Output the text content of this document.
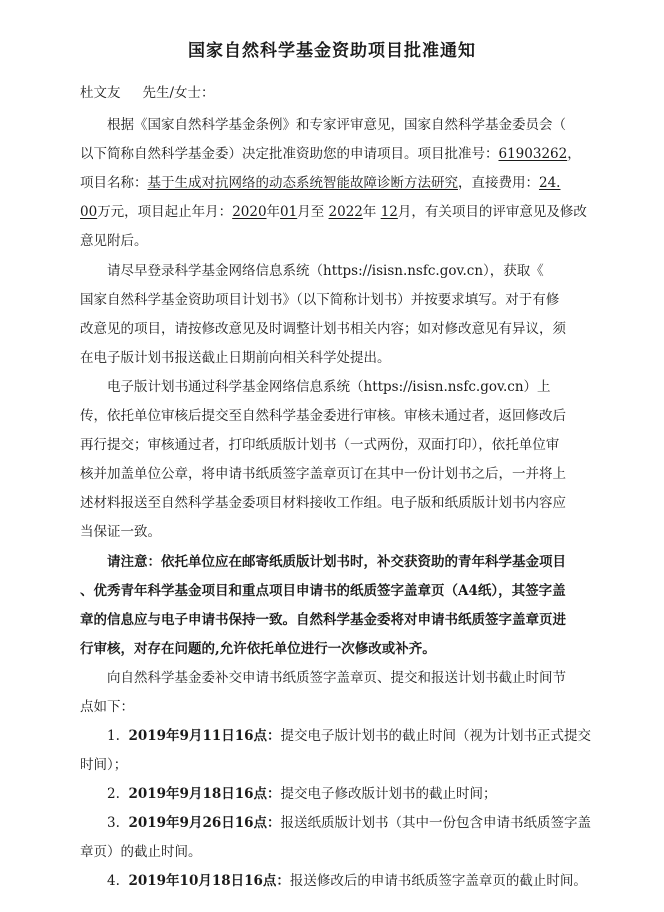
国家自然科学基金资助项目批准通知
杜文友 先生/女士：
根据《国家自然科学基金条例》和专家评审意见，国家自然科学基金委员会（
以下简称自然科学基金委）决定批准资助您的申请项目。项目批准号：61903262，
项目名称：基于生成对抗网络的动态系统智能故障诊断方法研究，直接费用：24.
00万元，项目起止年月：2020年01月至 2022年 12月，有关项目的评审意见及修改
意见附后。
请尽早登录科学基金网络信息系统（https://isisn.nsfc.gov.cn），获取《
国家自然科学基金资助项目计划书》（以下简称计划书）并按要求填写。对于有修
改意见的项目，请按修改意见及时调整计划书相关内容；如对修改意见有异议，须
在电子版计划书报送截止日期前向相关科学处提出。
电子版计划书通过科学基金网络信息系统（https://isisn.nsfc.gov.cn）上
传，依托单位审核后提交至自然科学基金委进行审核。审核未通过者，返回修改后
再行提交；审核通过者，打印纸质版计划书（一式两份，双面打印），依托单位审
核并加盖单位公章，将申请书纸质签字盖章页订在其中一份计划书之后，一并将上
述材料报送至自然科学基金委项目材料接收工作组。电子版和纸质版计划书内容应
当保证一致。
请注意：依托单位应在邮寄纸质版计划书时，补交获资助的青年科学基金项目
、优秀青年科学基金项目和重点项目申请书的纸质签字盖章页（A4纸），其签字盖
章的信息应与电子申请书保持一致。自然科学基金委将对申请书纸质签字盖章页进
行审核，对存在问题的,允许依托单位进行一次修改或补齐。
向自然科学基金委补交申请书纸质签字盖章页、提交和报送计划书截止时间节
点如下：
1. 2019年9月11日16点：提交电子版计划书的截止时间（视为计划书正式提交
时间）；
2. 2019年9月18日16点：提交电子修改版计划书的截止时间；
3. 2019年9月26日16点：报送纸质版计划书（其中一份包含申请书纸质签字盖
章页）的截止时间。
4. 2019年10月18日16点：报送修改后的申请书纸质签字盖章页的截止时间。
